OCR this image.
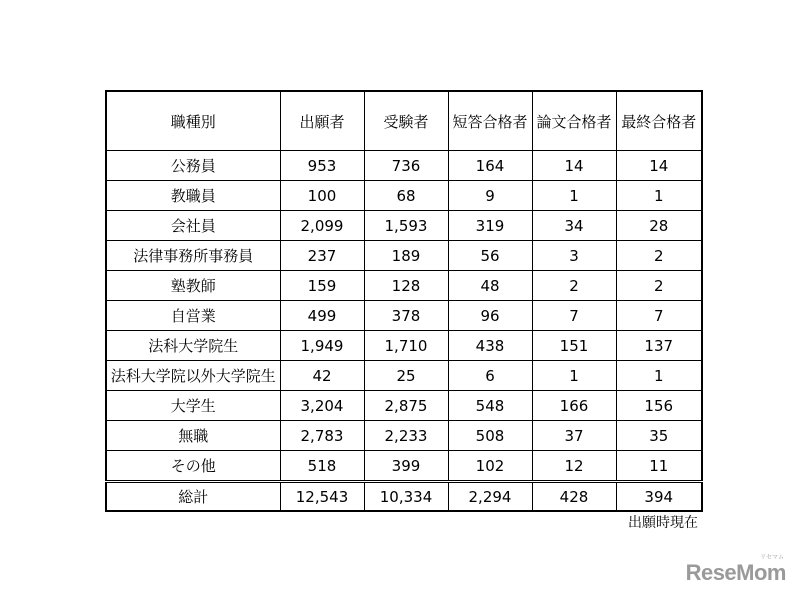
職種別	出願者	受験者	短答合格者	論文合格者	最終合格者
公務員	953	736	164	14	14
教職員	100	68	9	1	1
会社員	2,099	1,593	319	34	28
法律事務所事務員	237	189	56	3	2
塾教師	159	128	48	2	2
自営業	499	378	96	7	7
法科大学院生	1,949	1,710	438	151	137
法科大学院以外大学院生	42	25	6	1	1
大学生	3,204	2,875	548	166	156
無職	2,783	2,233	508	37	35
その他	518	399	102	12	11
総計	12,543	10,334	2,294	428	394
出願時現在
リセマム
ReseMom
